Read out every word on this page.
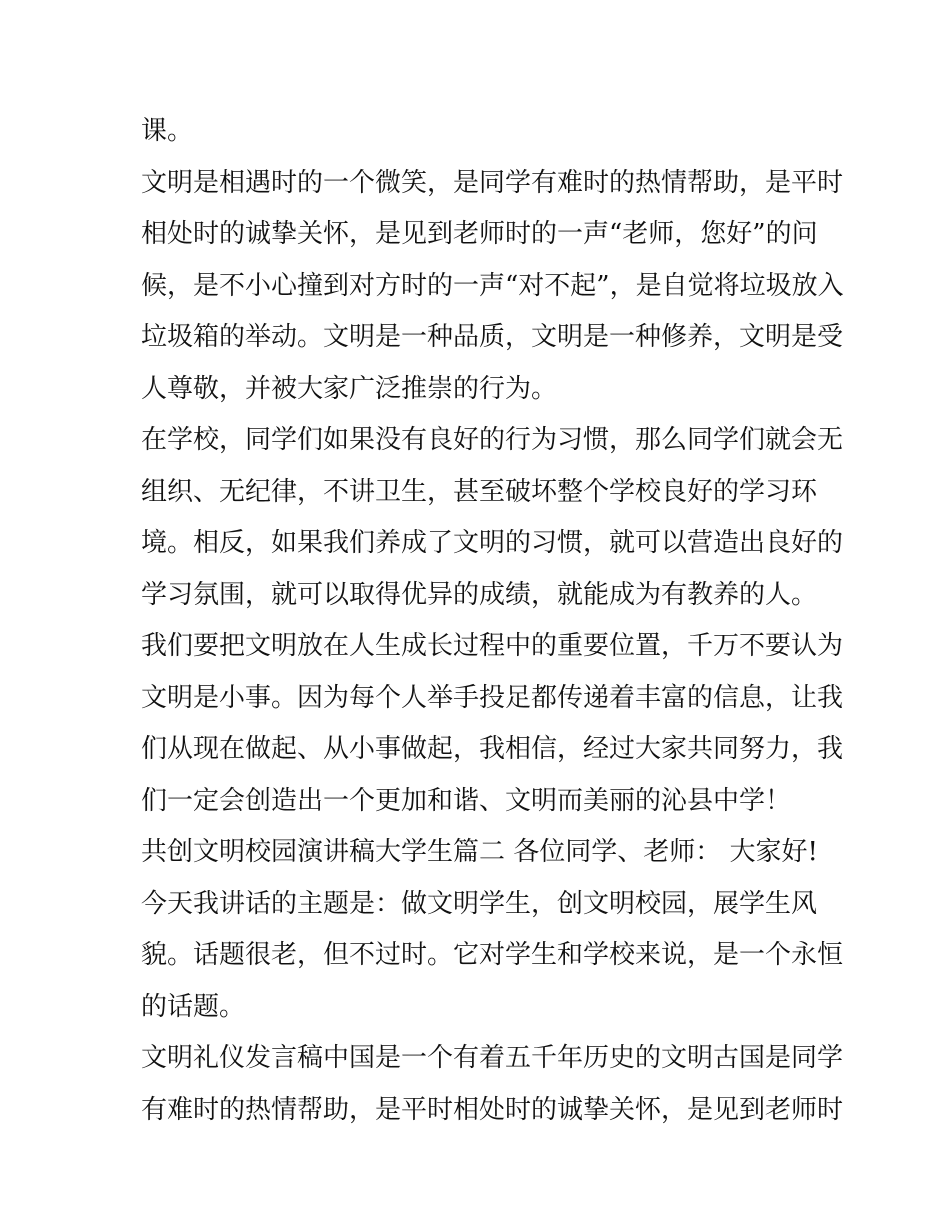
课。
文明是相遇时的一个微笑，是同学有难时的热情帮助，是平时
相处时的诚挚关怀，是见到老师时的一声“老师，您好”的问
候，是不小心撞到对方时的一声“对不起”，是自觉将垃圾放入
垃圾箱的举动。文明是一种品质，文明是一种修养，文明是受
人尊敬，并被大家广泛推崇的行为。
在学校，同学们如果没有良好的行为习惯，那么同学们就会无
组织、无纪律，不讲卫生，甚至破坏整个学校良好的学习环
境。相反，如果我们养成了文明的习惯，就可以营造出良好的
学习氛围，就可以取得优异的成绩，就能成为有教养的人。
我们要把文明放在人生成长过程中的重要位置，千万不要认为
文明是小事。因为每个人举手投足都传递着丰富的信息，让我
们从现在做起、从小事做起，我相信，经过大家共同努力，我
们一定会创造出一个更加和谐、文明而美丽的沁县中学！
共创文明校园演讲稿大学生篇二 各位同学、老师： 大家好!
今天我讲话的主题是：做文明学生，创文明校园，展学生风
貌。话题很老，但不过时。它对学生和学校来说，是一个永恒
的话题。
文明礼仪发言稿中国是一个有着五千年历史的文明古国是同学
有难时的热情帮助，是平时相处时的诚挚关怀，是见到老师时
